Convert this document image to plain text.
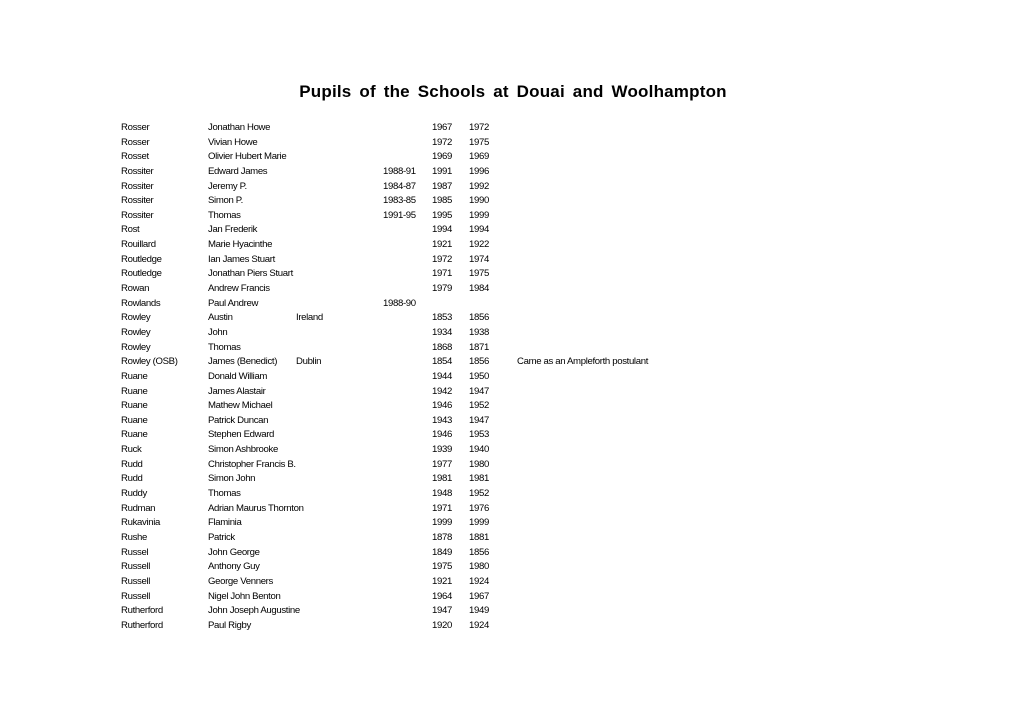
Pupils of the Schools at Douai and Woolhampton
Rosser	Jonathan Howe	1967 1972
Rosser	Vivian Howe	1972 1975
Rosset	Olivier Hubert Marie	1969 1969
Rossiter	Edward James	1988-91 1991 1996
Rossiter	Jeremy P.	1984-87 1987 1992
Rossiter	Simon P.	1983-85 1985 1990
Rossiter	Thomas	1991-95 1995 1999
Rost	Jan Frederik	1994 1994
Rouillard	Marie Hyacinthe	1921 1922
Routledge	Ian James Stuart	1972 1974
Routledge	Jonathan Piers Stuart	1971 1975
Rowan	Andrew Francis	1979 1984
Rowlands	Paul Andrew	1988-90
Rowley	Austin	Ireland	1853 1856
Rowley	John	1934 1938
Rowley	Thomas	1868 1871
Rowley (OSB)	James (Benedict) Dublin	1854 1856	Came as an Ampleforth postulant
Ruane	Donald William	1944 1950
Ruane	James Alastair	1942 1947
Ruane	Mathew Michael	1946 1952
Ruane	Patrick Duncan	1943 1947
Ruane	Stephen Edward	1946 1953
Ruck	Simon Ashbrooke	1939 1940
Rudd	Christopher Francis B.	1977 1980
Rudd	Simon John	1981 1981
Ruddy	Thomas	1948 1952
Rudman	Adrian Maurus Thornton	1971 1976
Rukavinia	Flaminia	1999 1999
Rushe	Patrick	1878 1881
Russel	John George	1849 1856
Russell	Anthony Guy	1975 1980
Russell	George Venners	1921 1924
Russell	Nigel John Benton	1964 1967
Rutherford	John Joseph Augustine	1947 1949
Rutherford	Paul Rigby	1920 1924
